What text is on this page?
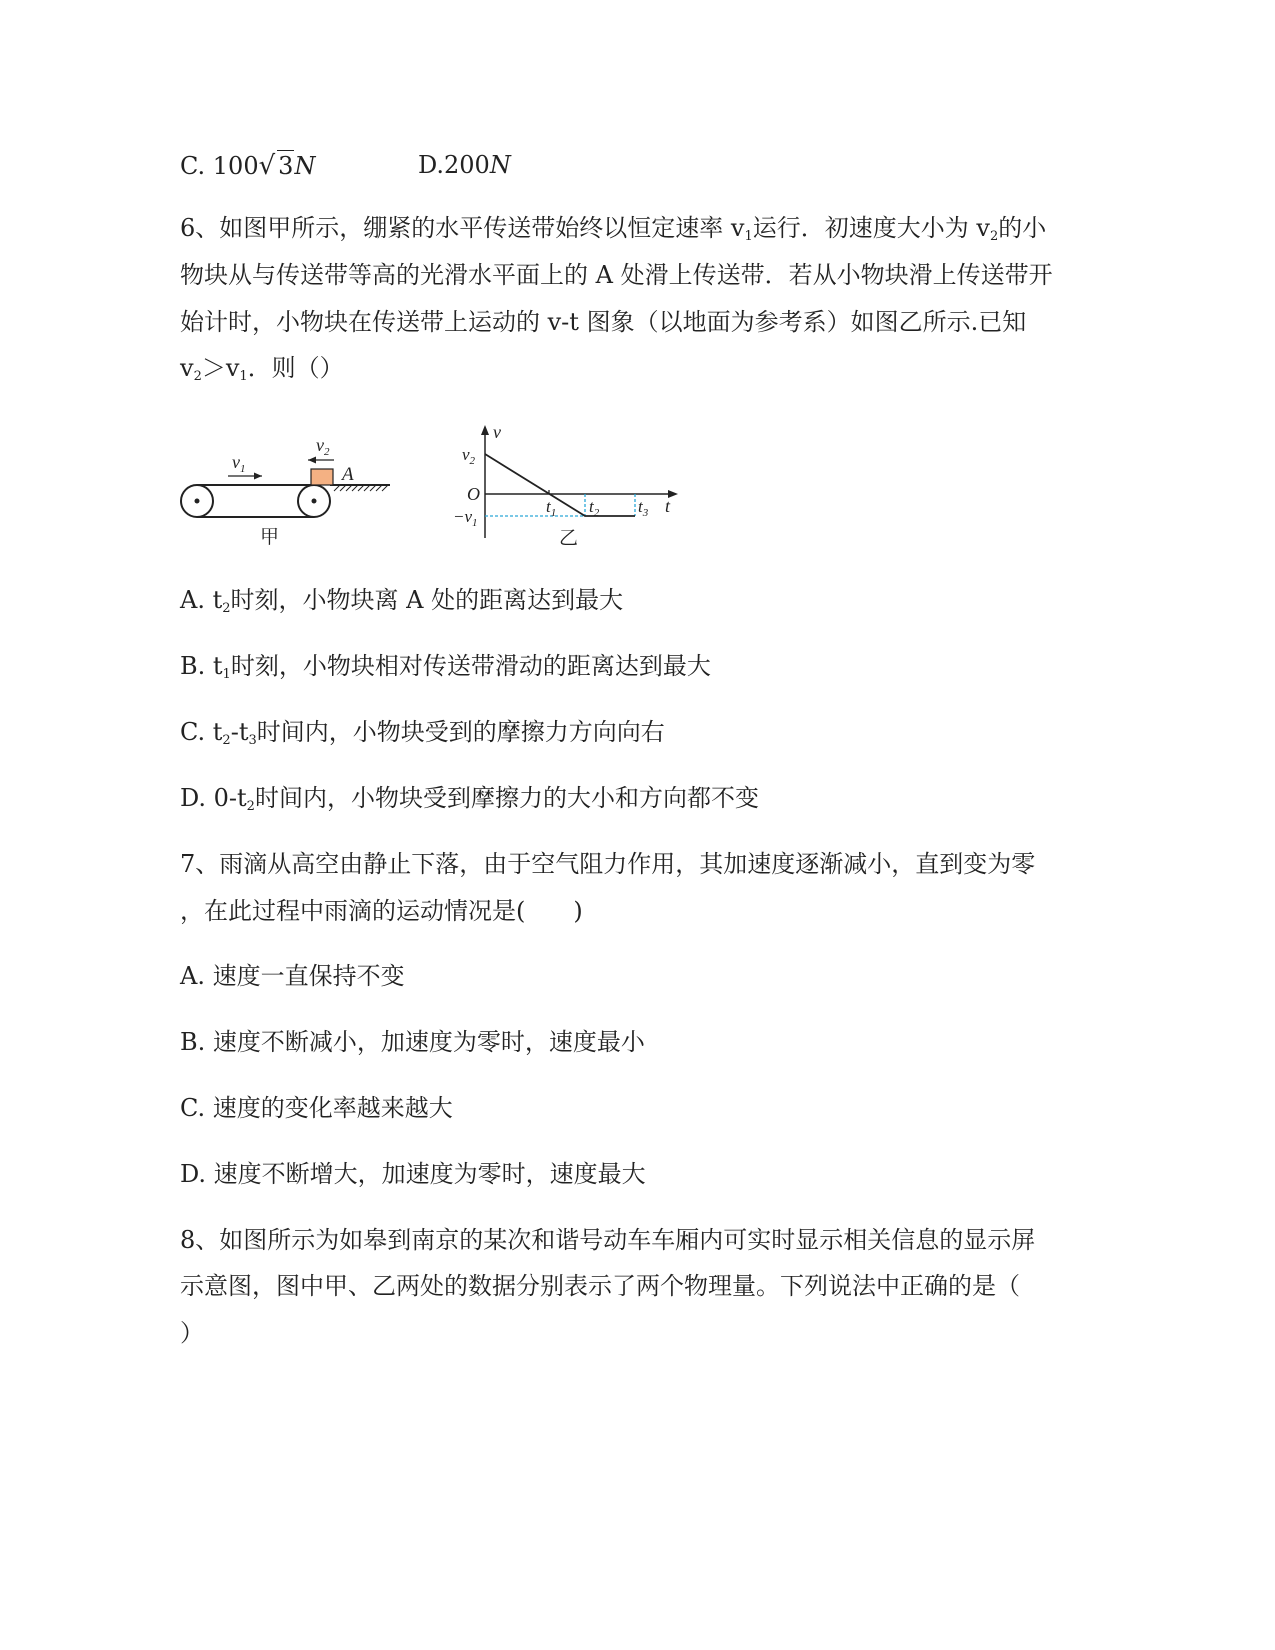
C. 100√ 3N	D.200N
6、如图甲所示，绷紧的水平传送带始终以恒定速率 $v_1$运行．初速度大小为 $v_2$的小
物块从与传送带等高的光滑水平面上的 A 处滑上传送带．若从小物块滑上传送带开
始计时，小物块在传送带上运动的 v-t 图象（以地面为参考系）如图乙所示.已知
$v_2>v_1$．则（）
A
$v_1$
$v_2$
甲
v
t
O
$v_2$
$-v_1$
$t_1$ $t_2$ $t_3$
乙
A. $t_2$时刻，小物块离 A 处的距离达到最大
B. $t_1$时刻，小物块相对传送带滑动的距离达到最大
C. $t_2-t_3$时间内，小物块受到的摩擦力方向向右
D. $0-t_2$时间内，小物块受到摩擦力的大小和方向都不变
7、雨滴从高空由静止下落，由于空气阻力作用，其加速度逐渐减小，直到变为零
，在此过程中雨滴的运动情况是(　　)
A. 速度一直保持不变
B. 速度不断减小，加速度为零时，速度最小
C. 速度的变化率越来越大
D. 速度不断增大，加速度为零时，速度最大
8、如图所示为如皋到南京的某次和谐号动车车厢内可实时显示相关信息的显示屏
示意图，图中甲、乙两处的数据分别表示了两个物理量。下列说法中正确的是（
）
